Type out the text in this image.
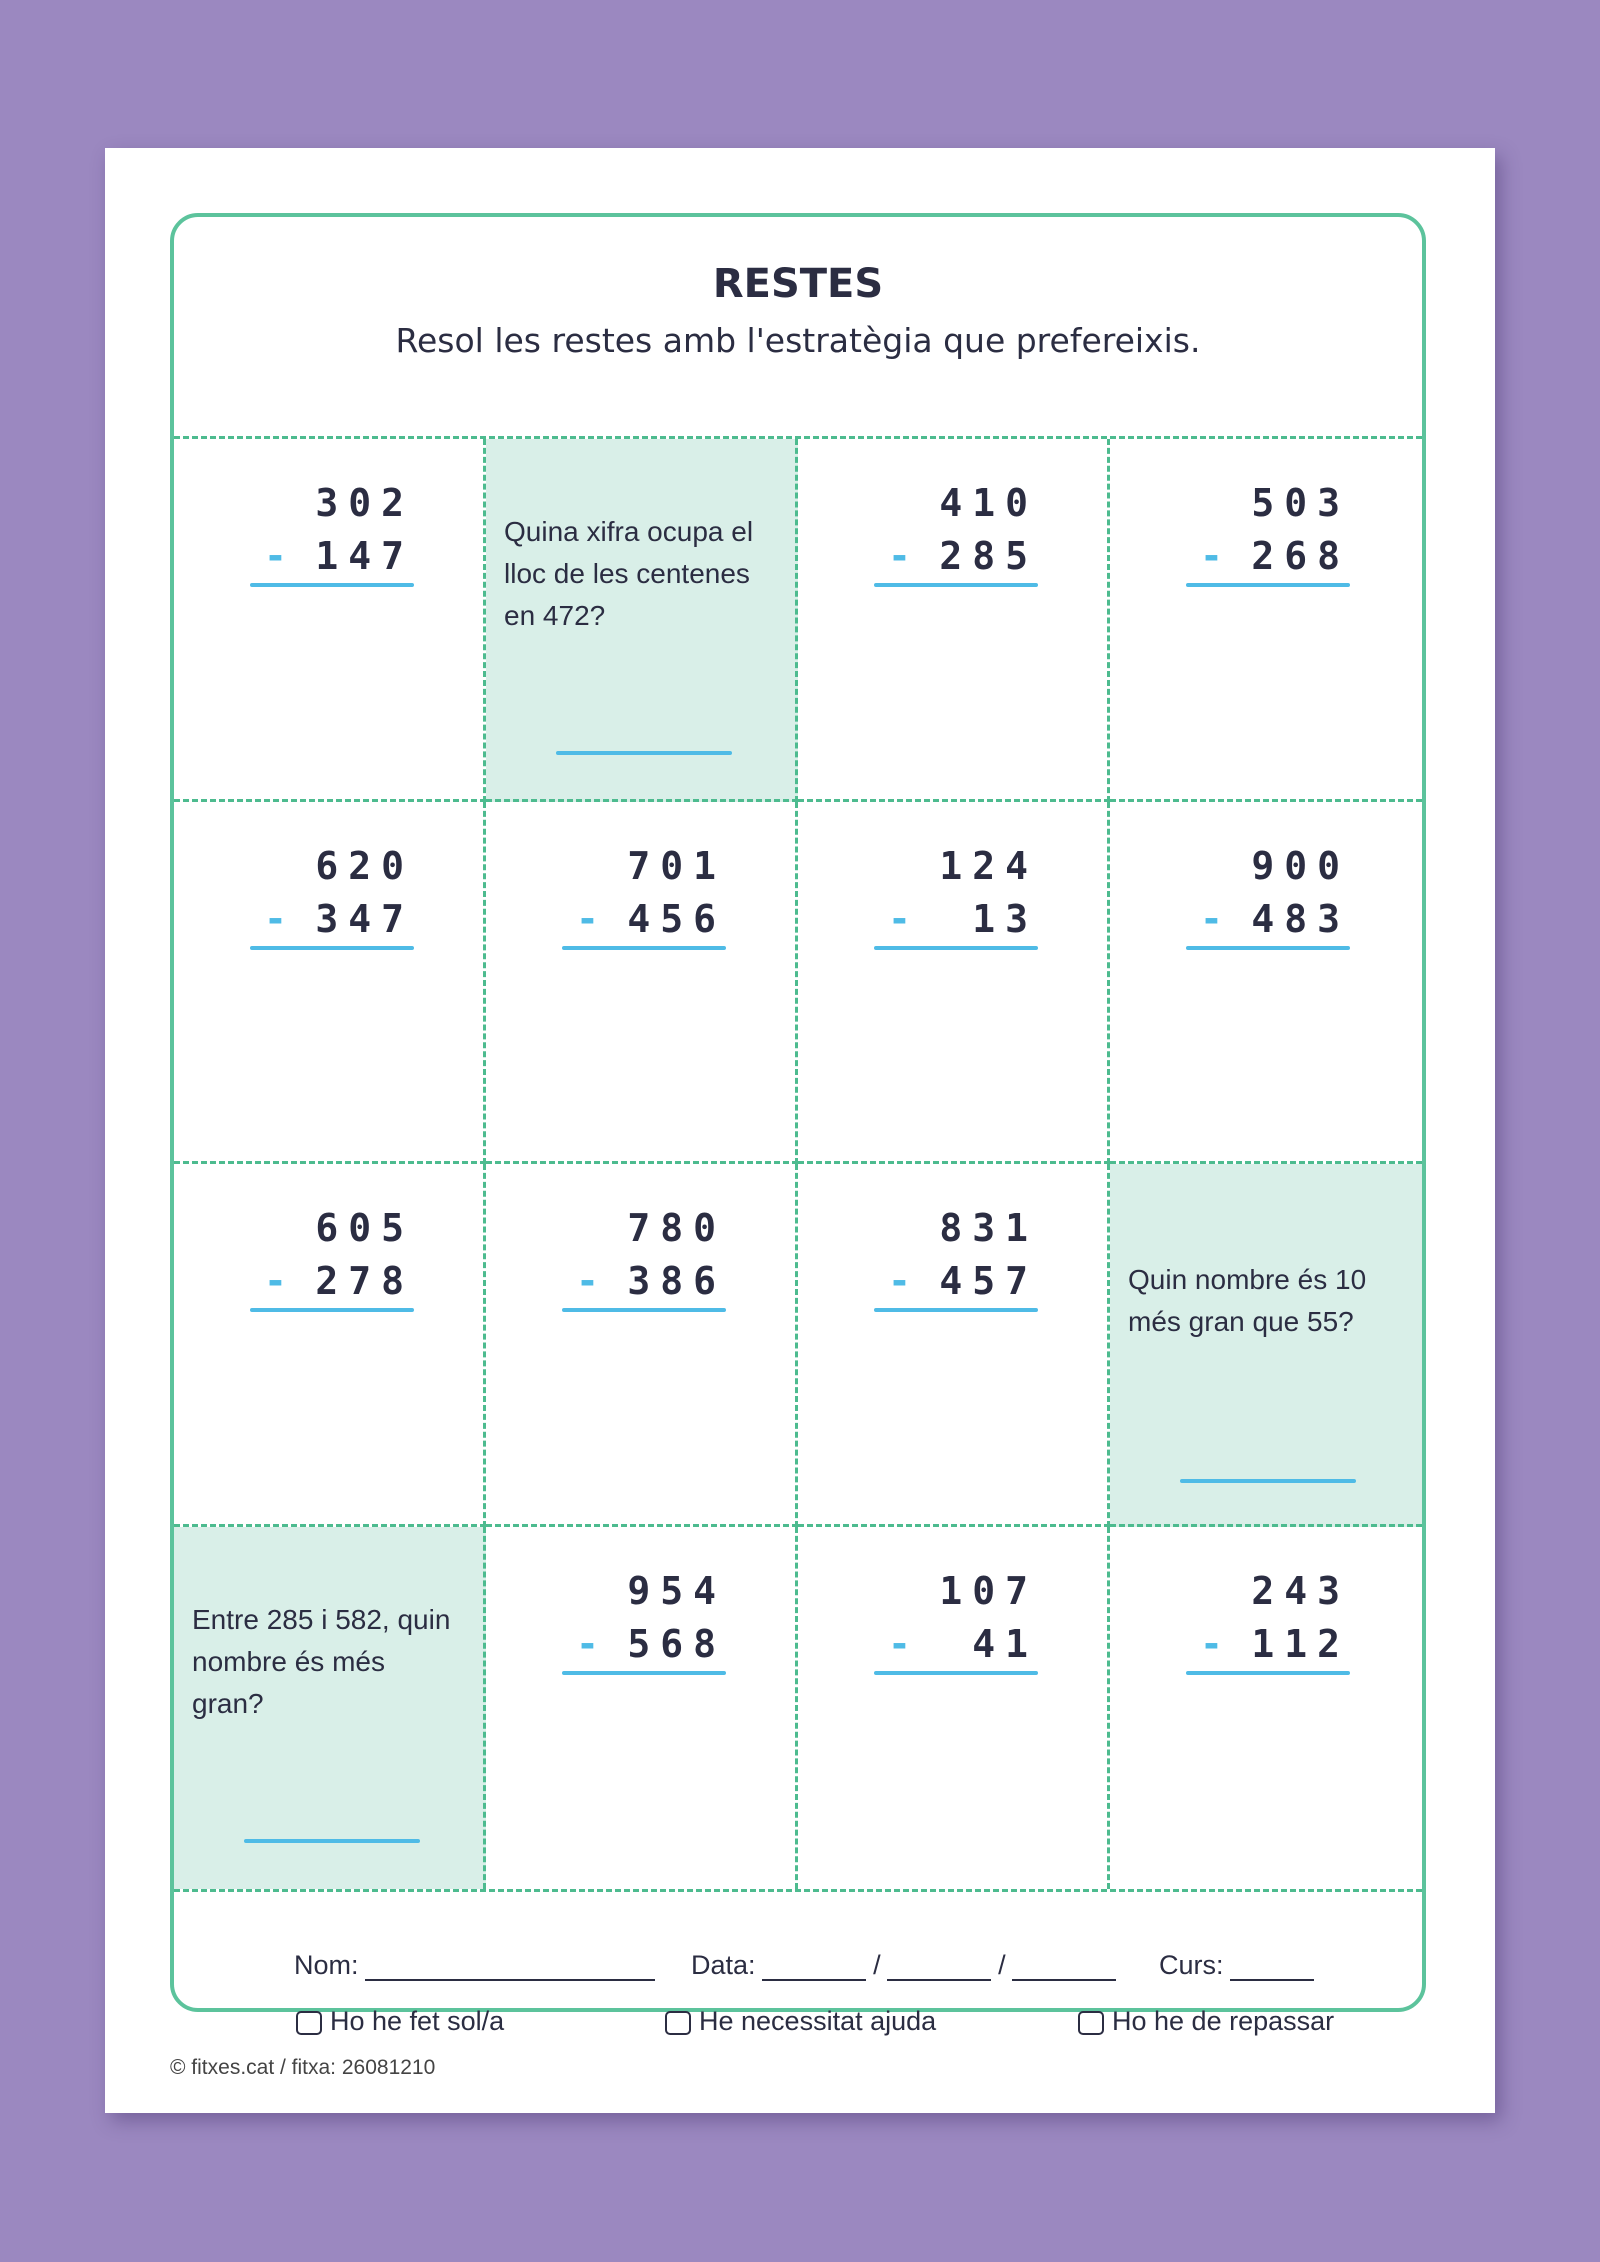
RESTES
Resol les restes amb l'estratègia que prefereixis.
302
- 147
Quina xifra ocupa el lloc de les centenes en 472?
410
- 285
503
- 268
620
- 347
701
- 456
124
- 13
900
- 483
605
- 278
780
- 386
831
- 457	Quin nombre és 10 més gran que 55?
Entre 285 i 582, quin nombre és més gran?
954
- 568
107
- 41
243
- 112
Nom:	Data:	/	/	Curs:
Ho he fet sol/a	He necessitat ajuda	Ho he de repassar
© fitxes.cat / fitxa: 26081210
